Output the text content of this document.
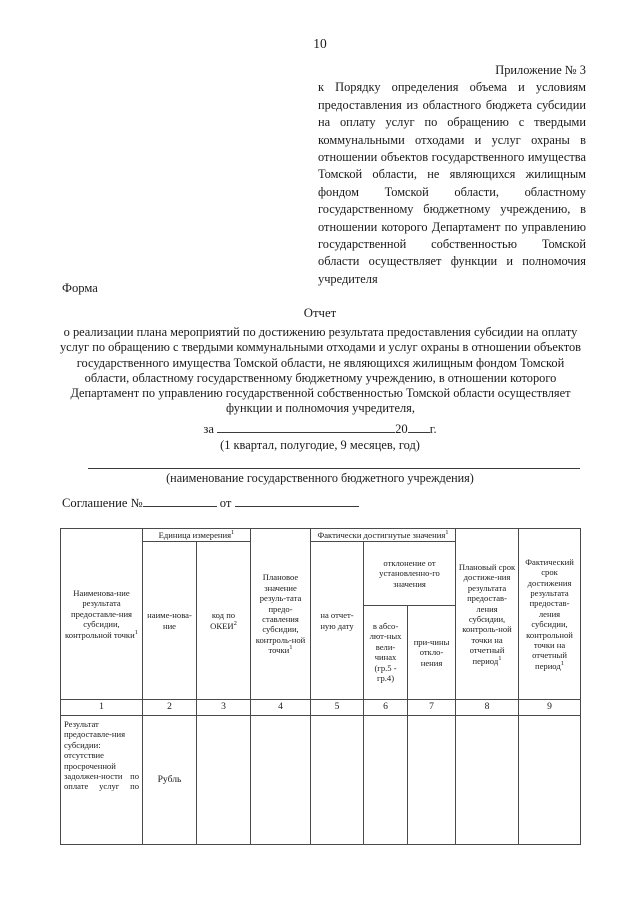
10
Приложение № 3
к Порядку определения объема и условиям предоставления из областного бюджета субсидии на оплату услуг по обращению с твердыми коммунальными отходами и услуг охраны в отношении объектов государственного имущества Томской области, не являющихся жилищным фондом Томской области, областному государственному бюджетному учреждению, в отношении которого Департамент по управлению государственной собственностью Томской области осуществляет функции и полномочия учредителя
Форма
Отчет
о реализации плана мероприятий по достижению результата предоставления субсидии на оплату услуг по обращению с твердыми коммунальными отходами и услуг охраны в отношении объектов государственного имущества Томской области, не являющихся жилищным фондом Томской области, областному государственному бюджетному учреждению, в отношении которого Департамент по управлению государственной собственностью Томской области осуществляет функции и полномочия учредителя,
за	20 г.
(1 квартал, полугодие, 9 месяцев, год)
(наименование государственного бюджетного учреждения)
Соглашение №	от
Наименова-ние результата предоставле-ния субсидии, контрольной точки$^1$	Единица измерения$^1$		Плановое значение резуль-тата предо-ставления субсидии, контроль-ной точки$^1$	Фактически достигнутые значения$^1$			Плановый срок достиже-ния результата предостав-ления субсидии, контроль-ной точки на отчетный период$^1$	Фактический срок достижения результата предостав-ления субсидии, контрольной точки на отчетный период$^1$
	наиме-нова-ние	код по ОКЕИ$^2$		на отчет-ную дату	отклонение от установленно-го значения			
					в абсо-лют-ных вели-чинах (гр.5 - гр.4)	при-чины откло-нения		

1	2	3	4	5	6	7	8	9
Результат предоставле-ния субсидии: отсутствие просроченной задолжен-ности по оплате услуг по	Рубль							
